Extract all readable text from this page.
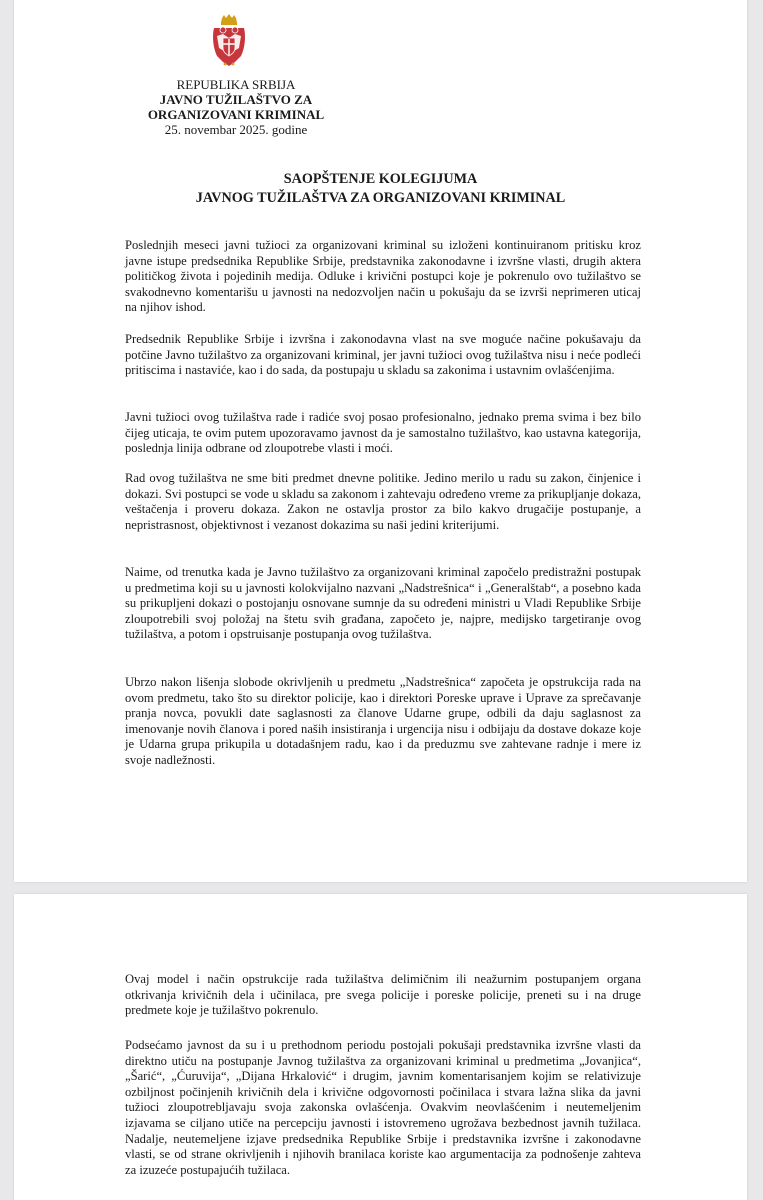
REPUBLIKA SRBIJA
JAVNO TUŽILAŠTVO ZA
ORGANIZOVANI KRIMINAL
25. novembar 2025. godine
SAOPŠTENJE KOLEGIJUMA
JAVNOG TUŽILAŠTVA ZA ORGANIZOVANI KRIMINAL
Poslednjih meseci javni tužioci za organizovani kriminal su izloženi kontinuiranom pritisku kroz javne istupe predsednika Republike Srbije, predstavnika zakonodavne i izvršne vlasti, drugih aktera političkog života i pojedinih medija. Odluke i krivični postupci koje je pokrenulo ovo tužilaštvo se svakodnevno komentarišu u javnosti na nedozvoljen način u pokušaju da se izvrši neprimeren uticaj na njihov ishod.
Predsednik Republike Srbije i izvršna i zakonodavna vlast na sve moguće načine pokušavaju da potčine Javno tužilaštvo za organizovani kriminal, jer javni tužioci ovog tužilaštva nisu i neće podleći pritiscima i nastaviće, kao i do sada, da postupaju u skladu sa zakonima i ustavnim ovlašćenjima.
Javni tužioci ovog tužilaštva rade i radiće svoj posao profesionalno, jednako prema svima i bez bilo čijeg uticaja, te ovim putem upozoravamo javnost da je samostalno tužilaštvo, kao ustavna kategorija, poslednja linija odbrane od zloupotrebe vlasti i moći.
Rad ovog tužilaštva ne sme biti predmet dnevne politike. Jedino merilo u radu su zakon, činjenice i dokazi. Svi postupci se vode u skladu sa zakonom i zahtevaju određeno vreme za prikupljanje dokaza, veštačenja i proveru dokaza. Zakon ne ostavlja prostor za bilo kakvo drugačije postupanje, a nepristrasnost, objektivnost i vezanost dokazima su naši jedini kriterijumi.
Naime, od trenutka kada je Javno tužilaštvo za organizovani kriminal započelo predistražni postupak u predmetima koji su u javnosti kolokvijalno nazvani „Nadstrešnica“ i „Generalštab“, a posebno kada su prikupljeni dokazi o postojanju osnovane sumnje da su određeni ministri u Vladi Republike Srbije zloupotrebili svoj položaj na štetu svih građana, započeto je, najpre, medijsko targetiranje ovog tužilaštva, a potom i opstruisanje postupanja ovog tužilaštva.
Ubrzo nakon lišenja slobode okrivljenih u predmetu „Nadstrešnica“ započeta je opstrukcija rada na ovom predmetu, tako što su direktor policije, kao i direktori Poreske uprave i Uprave za sprečavanje pranja novca, povukli date saglasnosti za članove Udarne grupe, odbili da daju saglasnost za imenovanje novih članova i pored naših insistiranja i urgencija nisu i odbijaju da dostave dokaze koje je Udarna grupa prikupila u dotadašnjem radu, kao i da preduzmu sve zahtevane radnje i mere iz svoje nadležnosti.
Ovaj model i način opstrukcije rada tužilaštva delimičnim ili neažurnim postupanjem organa otkrivanja krivičnih dela i učinilaca, pre svega policije i poreske policije, preneti su i na druge predmete koje je tužilaštvo pokrenulo.
Podsećamo javnost da su i u prethodnom periodu postojali pokušaji predstavnika izvršne vlasti da direktno utiču na postupanje Javnog tužilaštva za organizovani kriminal u predmetima „Jovanjica“, „Šarić“, „Ćuruvija“, „Dijana Hrkalović“ i drugim, javnim komentarisanjem kojim se relativizuje ozbiljnost počinjenih krivičnih dela i krivične odgovornosti počinilaca i stvara lažna slika da javni tužioci zloupotrebljavaju svoja zakonska ovlašćenja. Ovakvim neovlašćenim i neutemeljenim izjavama se ciljano utiče na percepciju javnosti i istovremeno ugrožava bezbednost javnih tužilaca. Nadalje, neutemeljene izjave predsednika Republike Srbije i predstavnika izvršne i zakonodavne vlasti, se od strane okrivljenih i njihovih branilaca koriste kao argumentacija za podnošenje zahteva za izuzeće postupajućih tužilaca.
